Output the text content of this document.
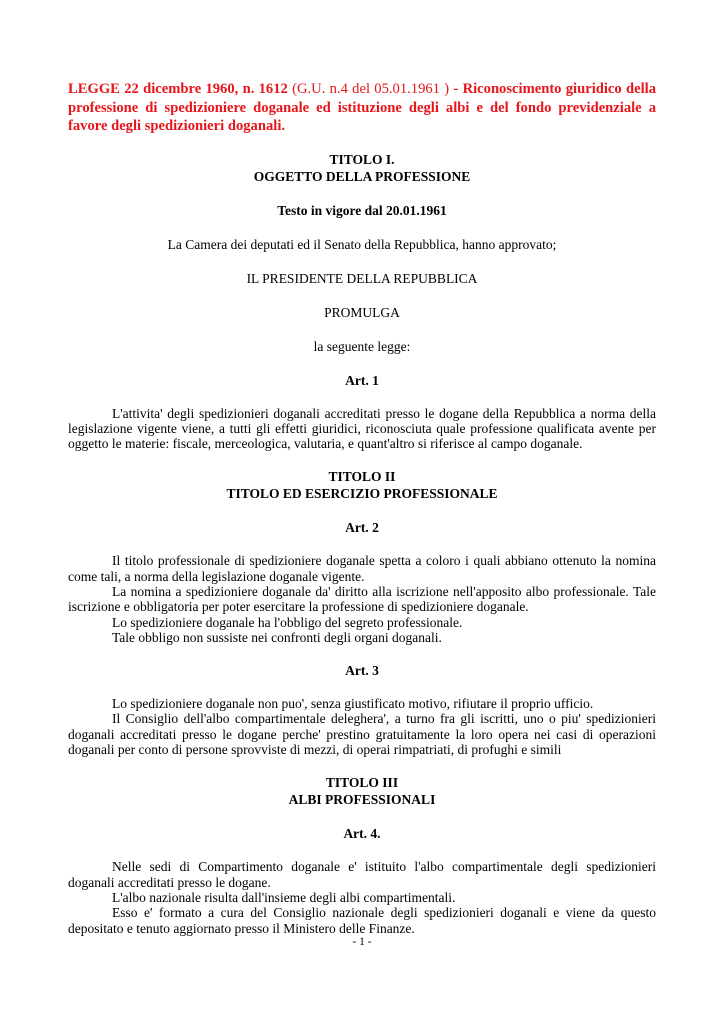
LEGGE 22 dicembre 1960, n. 1612 (G.U. n.4 del 05.01.1961 ) - Riconoscimento giuridico della professione di spedizioniere doganale ed istituzione degli albi e del fondo previdenziale a favore degli spedizionieri doganali.

TITOLO I.
OGGETTO DELLA PROFESSIONE
Testo in vigore dal 20.01.1961
La Camera dei deputati ed il Senato della Repubblica, hanno approvato;
IL PRESIDENTE DELLA REPUBBLICA
PROMULGA
la seguente legge:
Art. 1

L'attivita' degli spedizionieri doganali accreditati presso le dogane della Repubblica a norma della legislazione vigente viene, a tutti gli effetti giuridici, riconosciuta quale professione qualificata avente per oggetto le materie: fiscale, merceologica, valutaria, e quant'altro si riferisce al campo doganale.

TITOLO II
TITOLO ED ESERCIZIO PROFESSIONALE
Art. 2

Il titolo professionale di spedizioniere doganale spetta a coloro i quali abbiano ottenuto la nomina come tali, a norma della legislazione doganale vigente.

La nomina a spedizioniere doganale da' diritto alla iscrizione nell'apposito albo professionale. Tale iscrizione e obbligatoria per poter esercitare la professione di spedizioniere doganale.

Lo spedizioniere doganale ha l'obbligo del segreto professionale.

Tale obbligo non sussiste nei confronti degli organi doganali.

Art. 3

Lo spedizioniere doganale non puo', senza giustificato motivo, rifiutare il proprio ufficio.

Il Consiglio dell'albo compartimentale deleghera', a turno fra gli iscritti, uno o piu' spedizionieri doganali accreditati presso le dogane perche' prestino gratuitamente la loro opera nei casi di operazioni doganali per conto di persone sprovviste di mezzi, di operai rimpatriati, di profughi e simili

TITOLO III
ALBI PROFESSIONALI
Art. 4.

Nelle sedi di Compartimento doganale e' istituito l'albo compartimentale degli spedizionieri doganali accreditati presso le dogane.

L'albo nazionale risulta dall'insieme degli albi compartimentali.

Esso e' formato a cura del Consiglio nazionale degli spedizionieri doganali e viene da questo depositato e tenuto aggiornato presso il Ministero delle Finanze.

- 1 -
